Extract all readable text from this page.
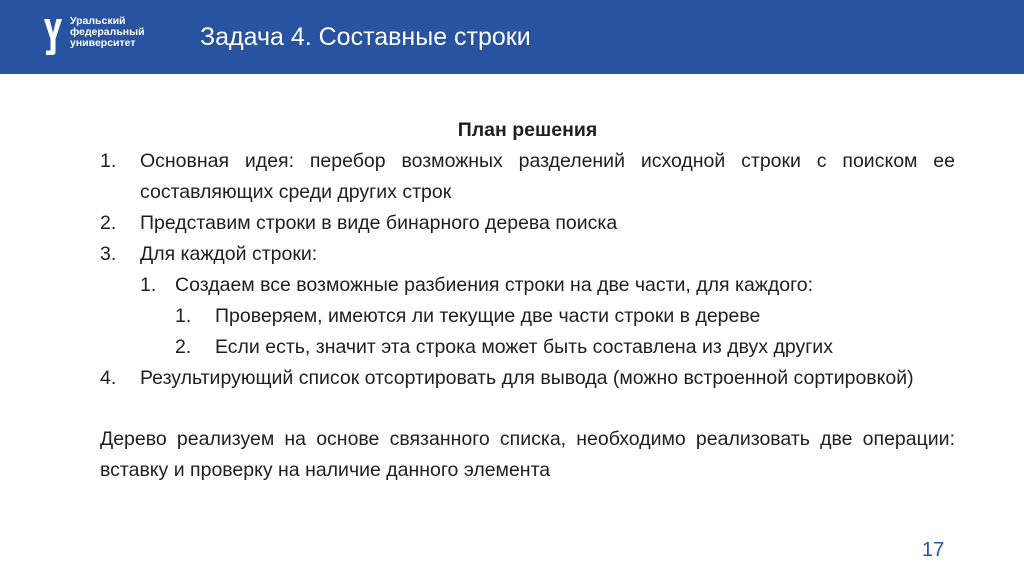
Уральский
федеральный
университет	Задача 4. Составные строки

План решения

1.	Основная идея: перебор возможных разделений исходной строки с поиском ее составляющих среди других строк
2.	Представим строки в виде бинарного дерева поиска
3.	Для каждой строки:
1. Создаем все возможные разбиения строки на две части, для каждого:
1.	Проверяем, имеются ли текущие две части строки в дереве
2.	Если есть, значит эта строка может быть составлена из двух других
4.	Результирующий список отсортировать для вывода (можно встроенной сортировкой)

Дерево реализуем на основе связанного списка, необходимо реализовать две операции: вставку и проверку на наличие данного элемента

17
